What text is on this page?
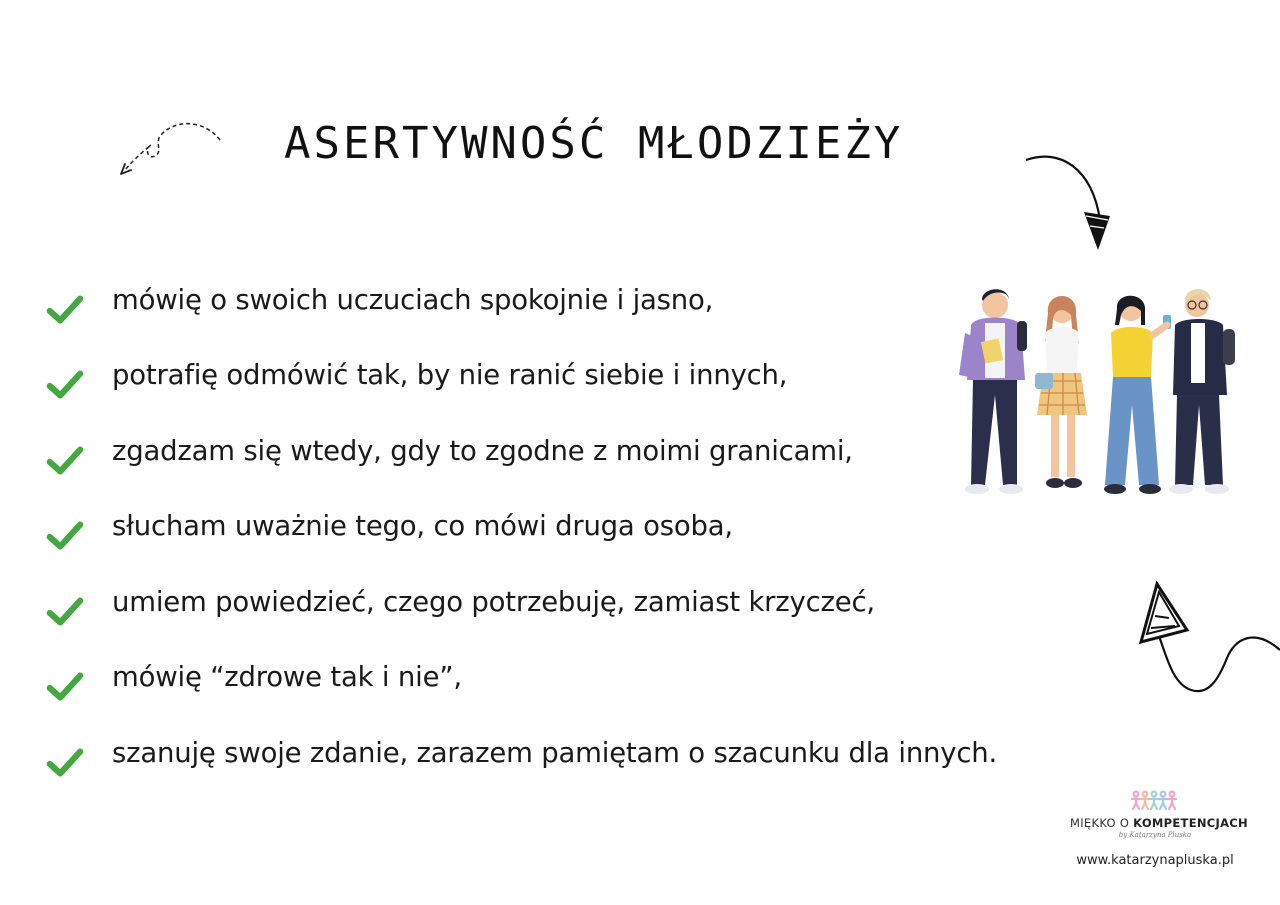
ASERTYWNOŚĆ MŁODZIEŻY
mówię o swoich uczuciach spokojnie i jasno,
potrafię odmówić tak, by nie ranić siebie i innych,
zgadzam się wtedy, gdy to zgodne z moimi granicami,
słucham uważnie tego, co mówi druga osoba,
umiem powiedzieć, czego potrzebuję, zamiast krzyczeć,
mówię “zdrowe tak i nie”,
szanuję swoje zdanie, zarazem pamiętam o szacunku dla innych.
MIĘKKO O KOMPETENCJACH
by Katarzyna Pluska
www.katarzynapluska.pl
